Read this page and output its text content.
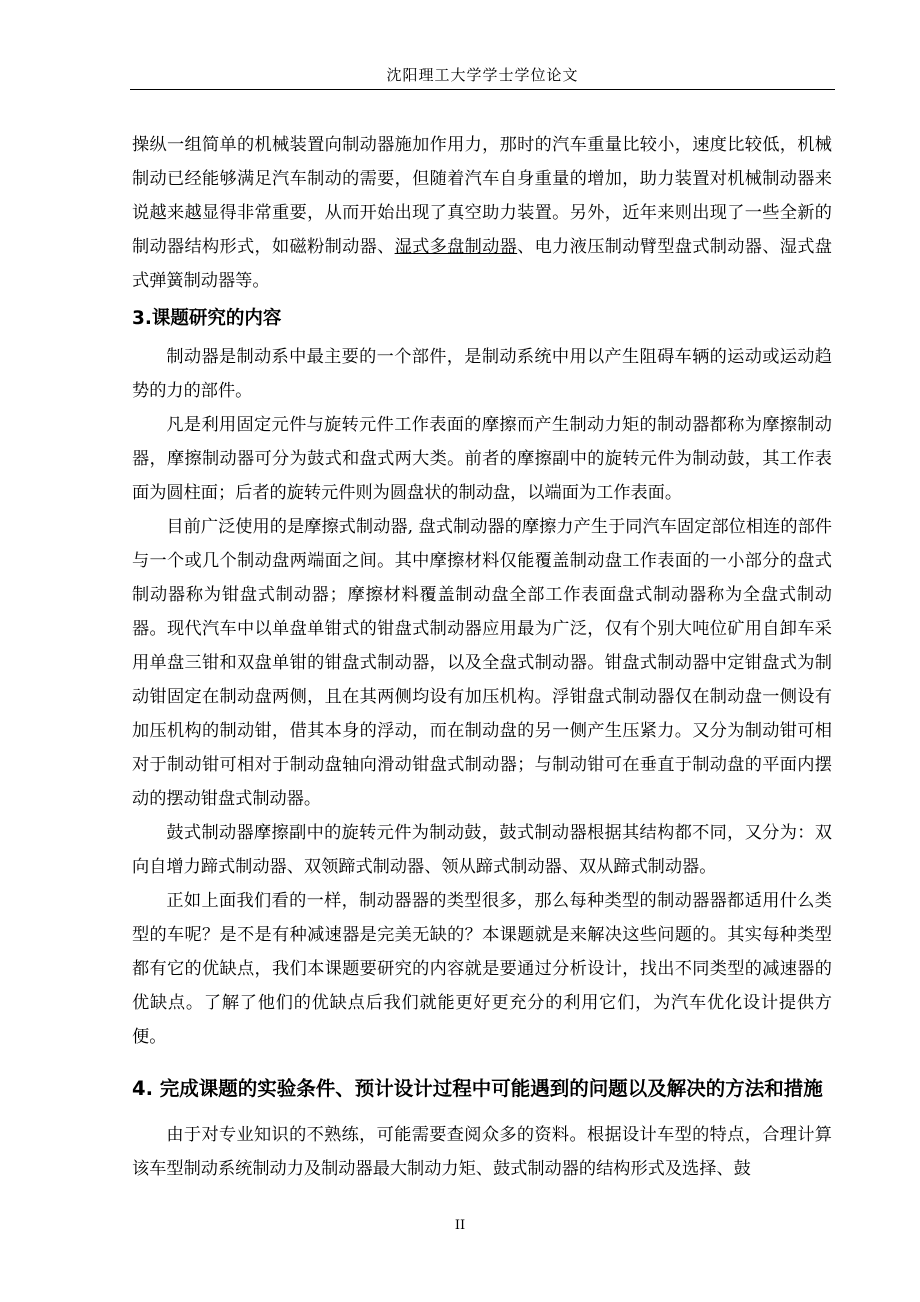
沈阳理工大学学士学位论文

操纵一组简单的机械装置向制动器施加作用力，那时的汽车重量比较小，速度比较低，机械制动已经能够满足汽车制动的需要，但随着汽车自身重量的增加，助力装置对机械制动器来说越来越显得非常重要，从而开始出现了真空助力装置。另外，近年来则出现了一些全新的制动器结构形式，如磁粉制动器、湿式多盘制动器、电力液压制动臂型盘式制动器、湿式盘式弹簧制动器等。

3.课题研究的内容

制动器是制动系中最主要的一个部件，是制动系统中用以产生阻碍车辆的运动或运动趋势的力的部件。

凡是利用固定元件与旋转元件工作表面的摩擦而产生制动力矩的制动器都称为摩擦制动器，摩擦制动器可分为鼓式和盘式两大类。前者的摩擦副中的旋转元件为制动鼓，其工作表面为圆柱面；后者的旋转元件则为圆盘状的制动盘，以端面为工作表面。

目前广泛使用的是摩擦式制动器, 盘式制动器的摩擦力产生于同汽车固定部位相连的部件与一个或几个制动盘两端面之间。其中摩擦材料仅能覆盖制动盘工作表面的一小部分的盘式制动器称为钳盘式制动器；摩擦材料覆盖制动盘全部工作表面盘式制动器称为全盘式制动器。现代汽车中以单盘单钳式的钳盘式制动器应用最为广泛，仅有个别大吨位矿用自卸车采用单盘三钳和双盘单钳的钳盘式制动器，以及全盘式制动器。钳盘式制动器中定钳盘式为制动钳固定在制动盘两侧，且在其两侧均设有加压机构。浮钳盘式制动器仅在制动盘一侧设有加压机构的制动钳，借其本身的浮动，而在制动盘的另一侧产生压紧力。又分为制动钳可相对于制动钳可相对于制动盘轴向滑动钳盘式制动器；与制动钳可在垂直于制动盘的平面内摆动的摆动钳盘式制动器。

鼓式制动器摩擦副中的旋转元件为制动鼓，鼓式制动器根据其结构都不同，又分为：双向自增力蹄式制动器、双领蹄式制动器、领从蹄式制动器、双从蹄式制动器。

正如上面我们看的一样，制动器器的类型很多，那么每种类型的制动器器都适用什么类型的车呢？是不是有种减速器是完美无缺的？本课题就是来解决这些问题的。其实每种类型都有它的优缺点，我们本课题要研究的内容就是要通过分析设计，找出不同类型的减速器的优缺点。了解了他们的优缺点后我们就能更好更充分的利用它们，为汽车优化设计提供方便。

4. 完成课题的实验条件、预计设计过程中可能遇到的问题以及解决的方法和措施

由于对专业知识的不熟练，可能需要查阅众多的资料。根据设计车型的特点，合理计算该车型制动系统制动力及制动器最大制动力矩、鼓式制动器的结构形式及选择、鼓

II
